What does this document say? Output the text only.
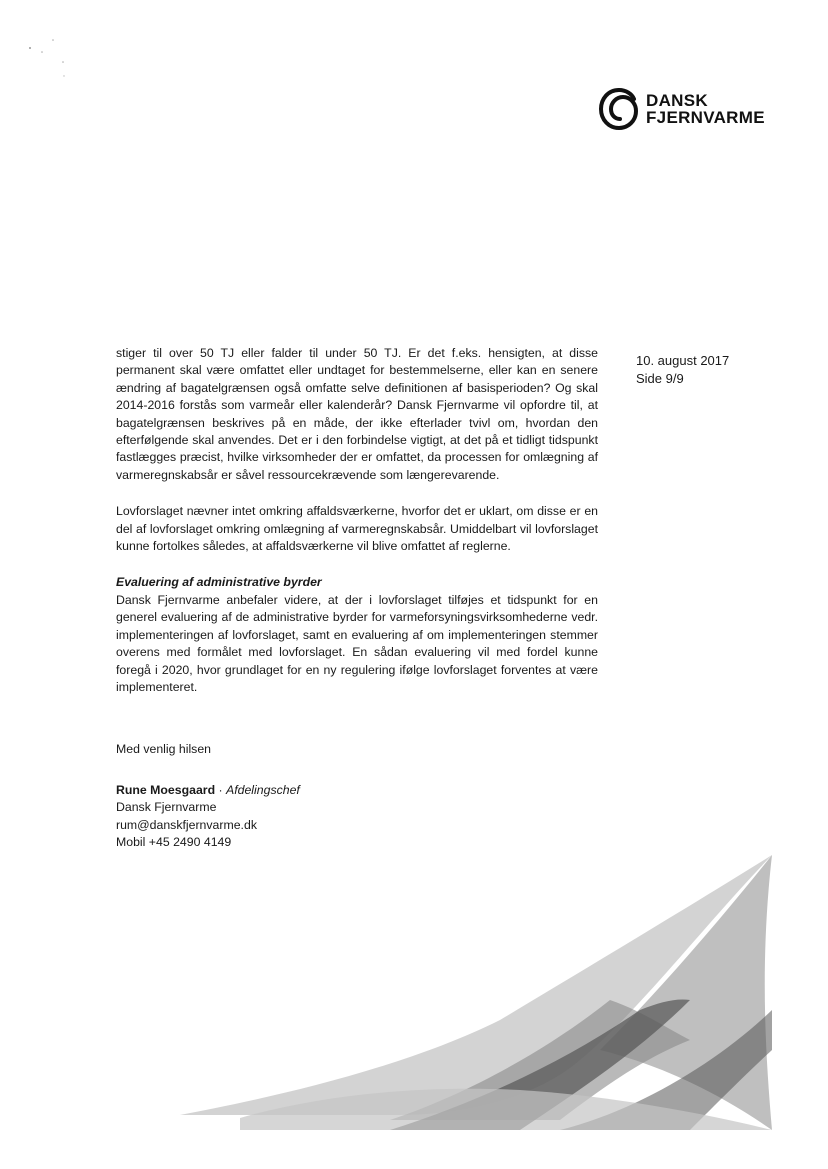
DANSK
FJERNVARME
10. august 2017
Side 9/9

stiger til over 50 TJ eller falder til under 50 TJ. Er det f.eks. hensigten, at disse permanent skal være omfattet eller undtaget for bestemmelserne, eller kan en senere ændring af bagatelgrænsen også omfatte selve definitionen af basisperioden? Og skal 2014-2016 forstås som varmeår eller kalenderår? Dansk Fjernvarme vil opfordre til, at bagatelgrænsen beskrives på en måde, der ikke efterlader tvivl om, hvordan den efterfølgende skal anvendes. Det er i den forbindelse vigtigt, at det på et tidligt tidspunkt fastlægges præcist, hvilke virksomheder der er omfattet, da processen for omlægning af varmeregnskabsår er såvel ressourcekrævende som længerevarende.

Lovforslaget nævner intet omkring affaldsværkerne, hvorfor det er uklart, om disse er en del af lovforslaget omkring omlægning af varmeregnskabsår. Umiddelbart vil lovforslaget kunne fortolkes således, at affaldsværkerne vil blive omfattet af reglerne.

Evaluering af administrative byrder

Dansk Fjernvarme anbefaler videre, at der i lovforslaget tilføjes et tidspunkt for en generel evaluering af de administrative byrder for varmeforsyningsvirksomhederne vedr. implementeringen af lovforslaget, samt en evaluering af om implementeringen stemmer overens med formålet med lovforslaget. En sådan evaluering vil med fordel kunne foregå i 2020, hvor grundlaget for en ny regulering ifølge lovforslaget forventes at være implementeret.

Med venlig hilsen

Rune Moesgaard · Afdelingschef
Dansk Fjernvarme
rum@danskfjernvarme.dk
Mobil +45 2490 4149
